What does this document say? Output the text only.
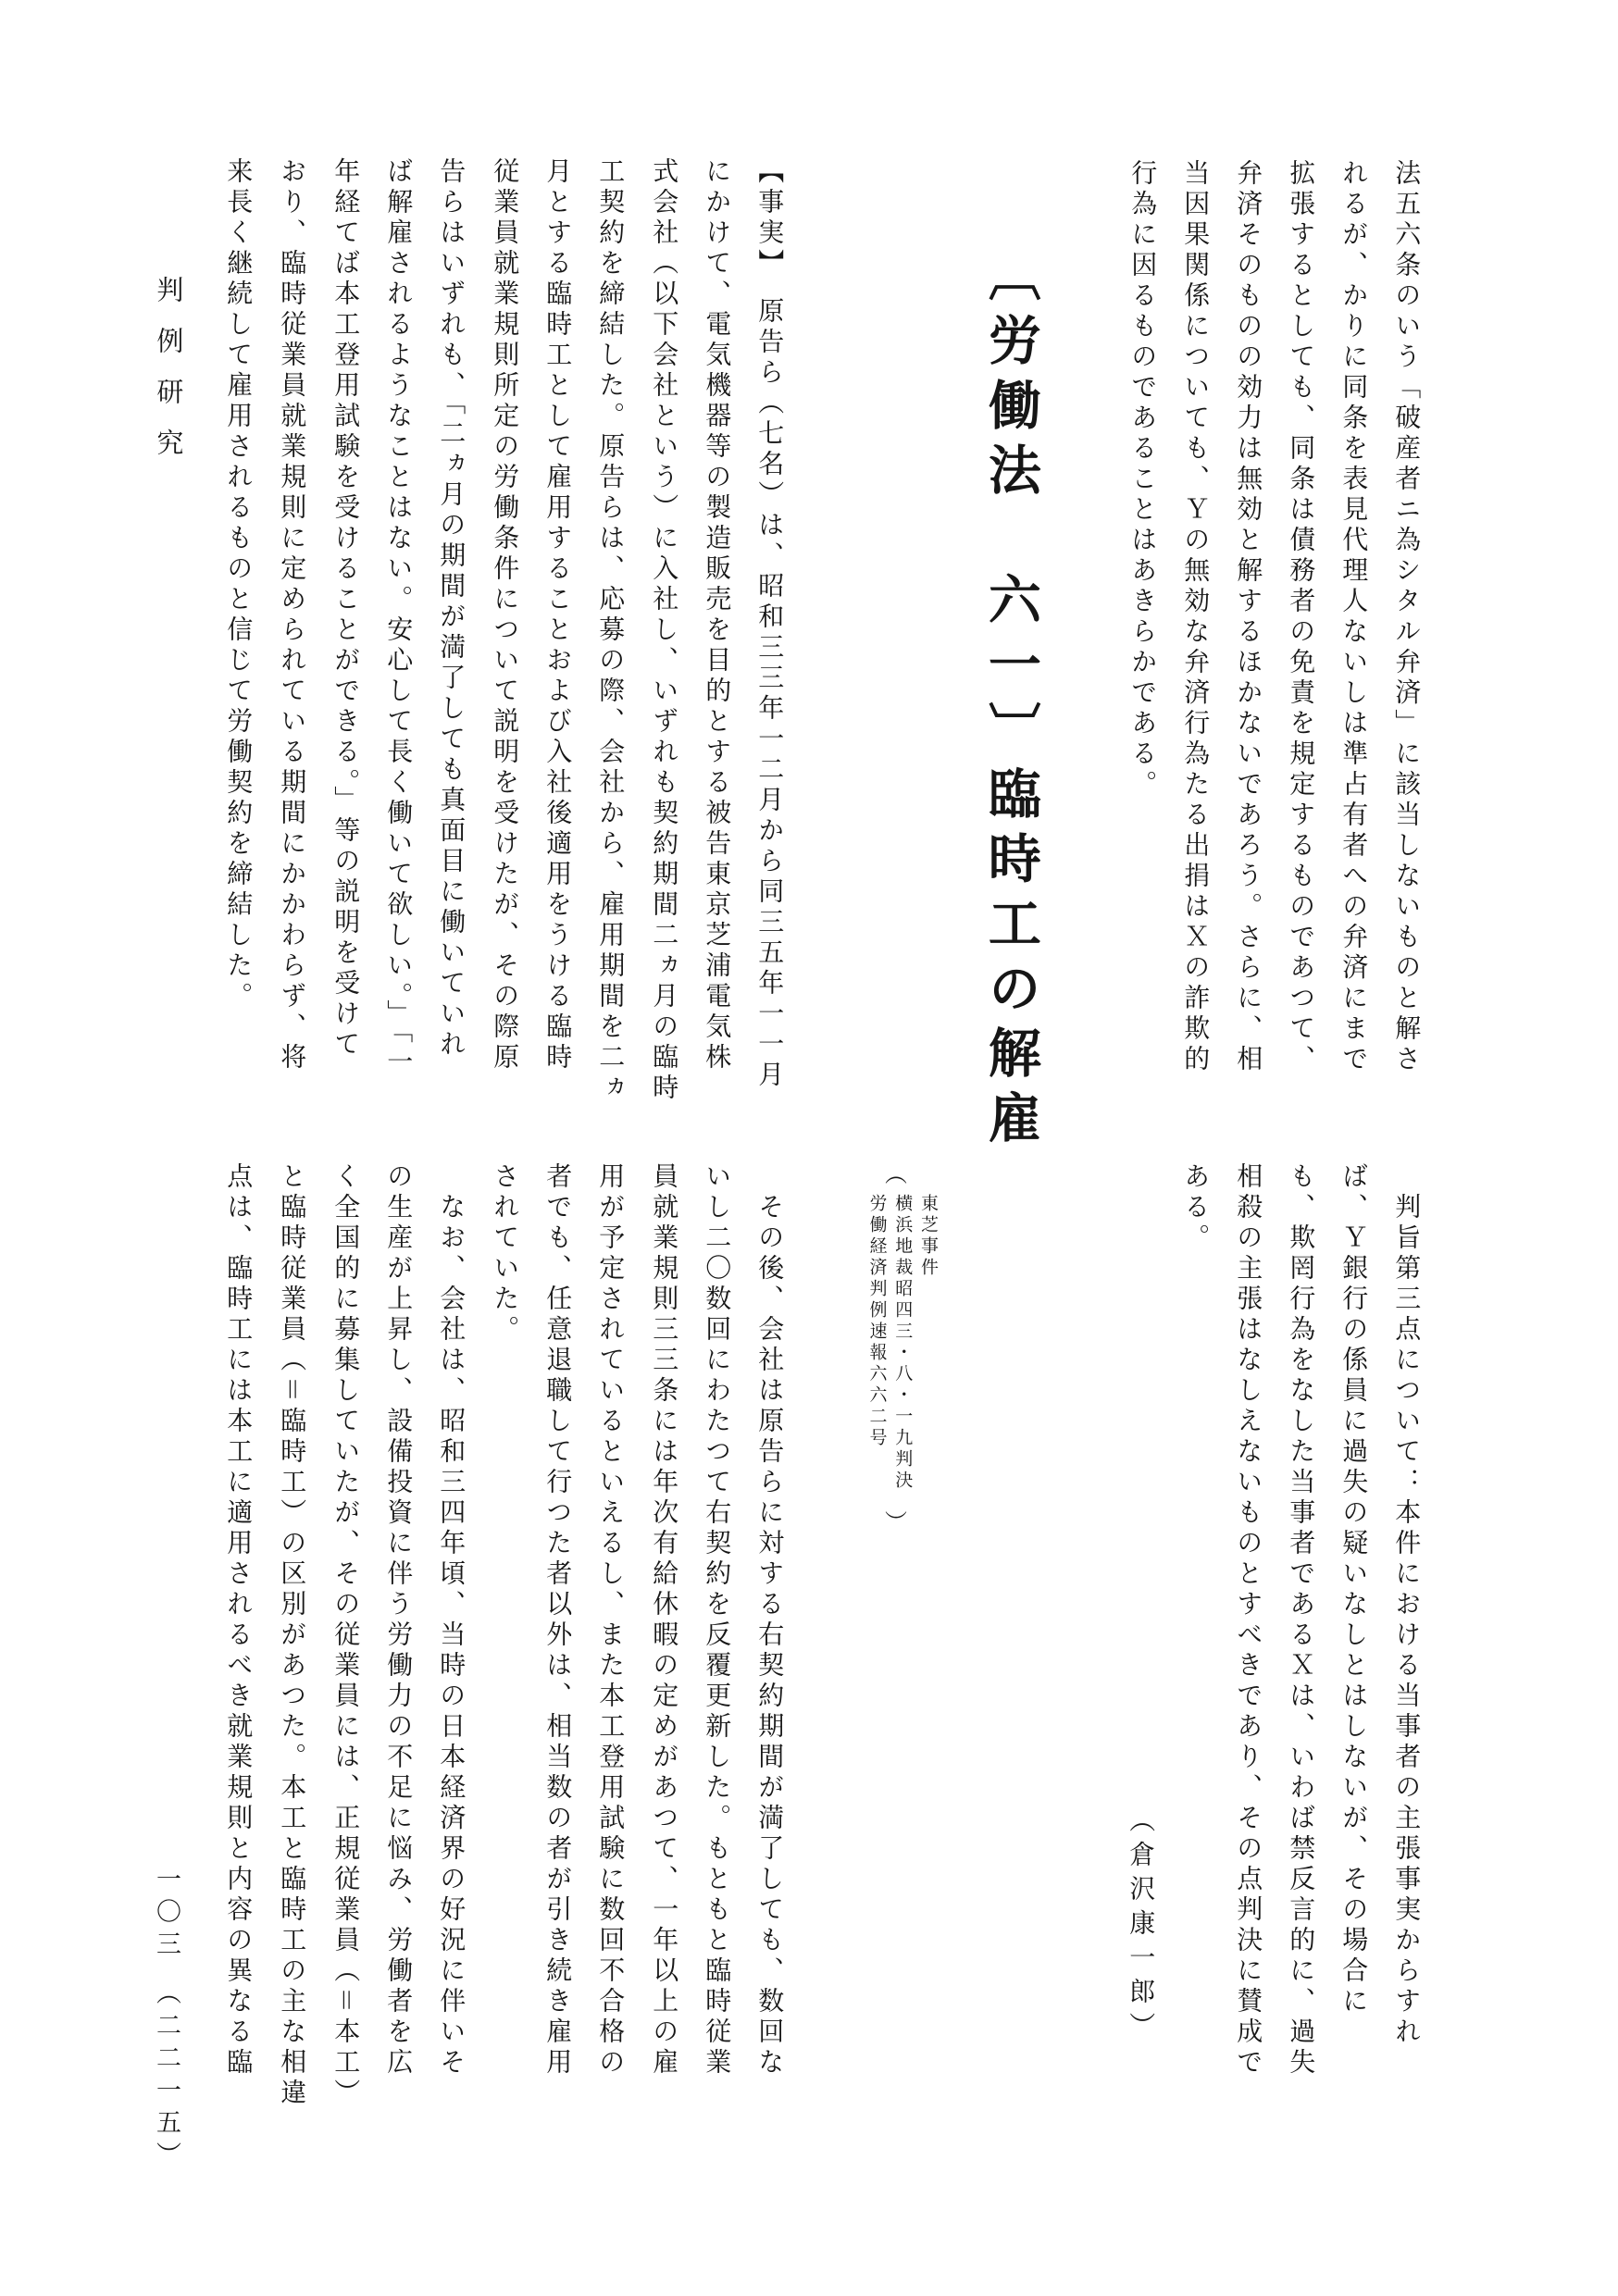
判例研究	法五六条のいう「破産者ニ為シタル弁済」に該当しないものと解さ
れるが、かりに同条を表見代理人ないしは準占有者への弁済にまで
拡張するとしても、同条は債務者の免責を規定するものであつて、
弁済そのものの効力は無効と解するほかないであろう。さらに、相
当因果関係についても、Ｙの無効な弁済行為たる出捐はＸの詐欺的
行為に因るものであることはあきらかである。
　判旨第三点について：本件における当事者の主張事実からすれ
ば、Ｙ銀行の係員に過失の疑いなしとはしないが、その場合に
も、欺罔行為をなした当事者であるＸは、いわば禁反言的に、過失
相殺の主張はなしえないものとすべきであり、その点判決に賛成で
ある。
（倉沢康一郎）
〔労働法　六一〕臨時工の解雇
︵
東芝事件
横浜地裁昭四三・八・一九判決
労働経済判例速報六六二号
︶
【事実】　原告ら（七名）は、昭和三三年一二月から同三五年一一月
にかけて、電気機器等の製造販売を目的とする被告東京芝浦電気株
式会社（以下会社という）に入社し、いずれも契約期間二ヵ月の臨時
工契約を締結した。原告らは、応募の際、会社から、雇用期間を二ヵ
月とする臨時工として雇用することおよび入社後適用をうける臨時
従業員就業規則所定の労働条件について説明を受けたが、その際原
告らはいずれも、「二ヵ月の期間が満了しても真面目に働いていれ
ば解雇されるようなことはない。安心して長く働いて欲しい。」「一
年経てば本工登用試験を受けることができる。」等の説明を受けて
おり、臨時従業員就業規則に定められている期間にかかわらず、将
来長く継続して雇用されるものと信じて労働契約を締結した。
　その後、会社は原告らに対する右契約期間が満了しても、数回な
いし二〇数回にわたつて右契約を反覆更新した。もともと臨時従業
員就業規則三三条には年次有給休暇の定めがあつて、一年以上の雇
用が予定されているといえるし、また本工登用試験に数回不合格の
者でも、任意退職して行つた者以外は、相当数の者が引き続き雇用
されていた。
　なお、会社は、昭和三四年頃、当時の日本経済界の好況に伴いそ
の生産が上昇し、設備投資に伴う労働力の不足に悩み、労働者を広
く全国的に募集していたが、その従業員には、正規従業員（＝本工）
と臨時従業員（＝臨時工）の区別があつた。本工と臨時工の主な相違
点は、臨時工には本工に適用されるべき就業規則と内容の異なる臨
一〇三（二二一五）
